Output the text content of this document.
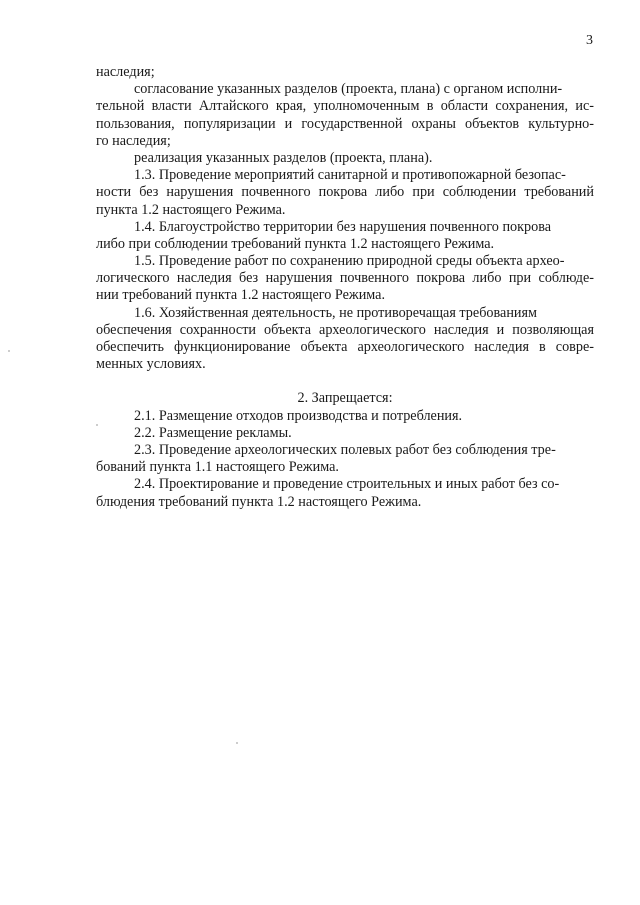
3
наследия;
согласование указанных разделов (проекта, плана) с органом исполни-
тельной власти Алтайского края, уполномоченным в области сохранения, ис-
пользования, популяризации и государственной охраны объектов культурно-
го наследия;
реализация указанных разделов (проекта, плана).
1.3. Проведение мероприятий санитарной и противопожарной безопас-
ности без нарушения почвенного покрова либо при соблюдении требований
пункта 1.2 настоящего Режима.
1.4. Благоустройство территории без нарушения почвенного покрова
либо при соблюдении требований пункта 1.2 настоящего Режима.
1.5. Проведение работ по сохранению природной среды объекта архео-
логического наследия без нарушения почвенного покрова либо при соблюде-
нии требований пункта 1.2 настоящего Режима.
1.6. Хозяйственная деятельность, не противоречащая требованиям
обеспечения сохранности объекта археологического наследия и позволяющая
обеспечить функционирование объекта археологического наследия в совре-
менных условиях.
2. Запрещается:
2.1. Размещение отходов производства и потребления.
2.2. Размещение рекламы.
2.3. Проведение археологических полевых работ без соблюдения тре-
бований пункта 1.1 настоящего Режима.
2.4. Проектирование и проведение строительных и иных работ без со-
блюдения требований пункта 1.2 настоящего Режима.
